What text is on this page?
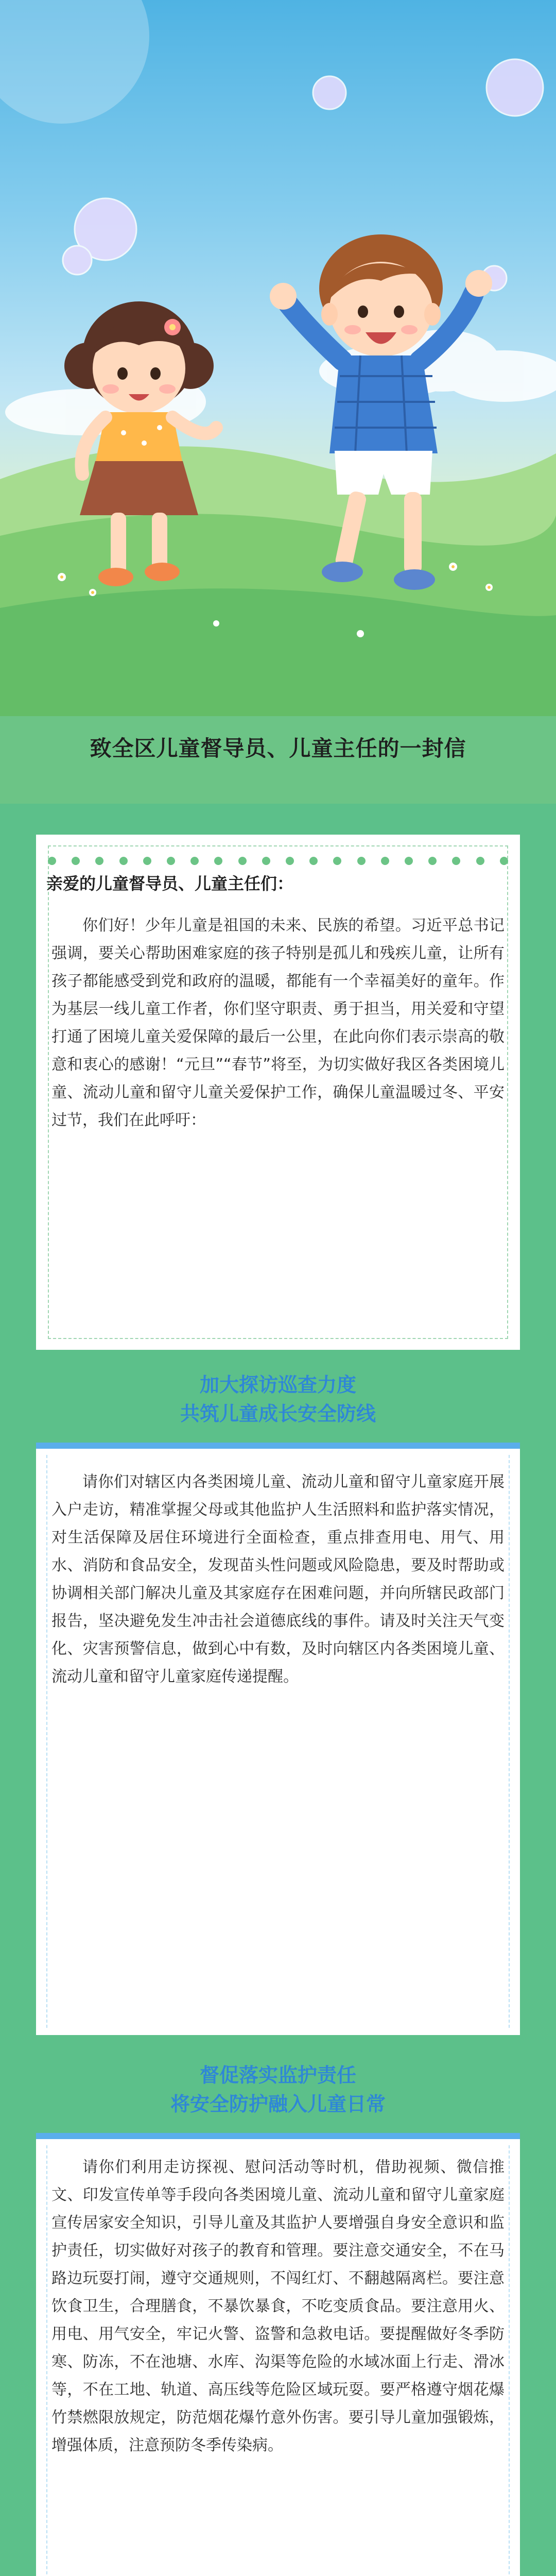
致全区儿童督导员、儿童主任的一封信
亲爱的儿童督导员、儿童主任们：

你们好！少年儿童是祖国的未来、民族的希望。习近平总书记强调，要关心帮助困难家庭的孩子特别是孤儿和残疾儿童，让所有孩子都能感受到党和政府的温暖，都能有一个幸福美好的童年。作为基层一线儿童工作者，你们坚守职责、勇于担当，用关爱和守望打通了困境儿童关爱保障的最后一公里，在此向你们表示崇高的敬意和衷心的感谢！“元旦”“春节”将至，为切实做好我区各类困境儿童、流动儿童和留守儿童关爱保护工作，确保儿童温暖过冬、平安过节，我们在此呼吁：

加大探访巡查力度
共筑儿童成长安全防线

请你们对辖区内各类困境儿童、流动儿童和留守儿童家庭开展入户走访，精准掌握父母或其他监护人生活照料和监护落实情况，对生活保障及居住环境进行全面检查，重点排查用电、用气、用水、消防和食品安全，发现苗头性问题或风险隐患，要及时帮助或协调相关部门解决儿童及其家庭存在困难问题，并向所辖民政部门报告，坚决避免发生冲击社会道德底线的事件。请及时关注天气变化、灾害预警信息，做到心中有数，及时向辖区内各类困境儿童、流动儿童和留守儿童家庭传递提醒。

督促落实监护责任
将安全防护融入儿童日常

请你们利用走访探视、慰问活动等时机，借助视频、微信推文、印发宣传单等手段向各类困境儿童、流动儿童和留守儿童家庭宣传居家安全知识，引导儿童及其监护人要增强自身安全意识和监护责任，切实做好对孩子的教育和管理。要注意交通安全，不在马路边玩耍打闹，遵守交通规则，不闯红灯、不翻越隔离栏。要注意饮食卫生，合理膳食，不暴饮暴食，不吃变质食品。要注意用火、用电、用气安全，牢记火警、盗警和急救电话。要提醒做好冬季防寒、防冻，不在池塘、水库、沟渠等危险的水域冰面上行走、滑冰等，不在工地、轨道、高压线等危险区域玩耍。要严格遵守烟花爆竹禁燃限放规定，防范烟花爆竹意外伤害。要引导儿童加强锻炼，增强体质，注意预防冬季传染病。
